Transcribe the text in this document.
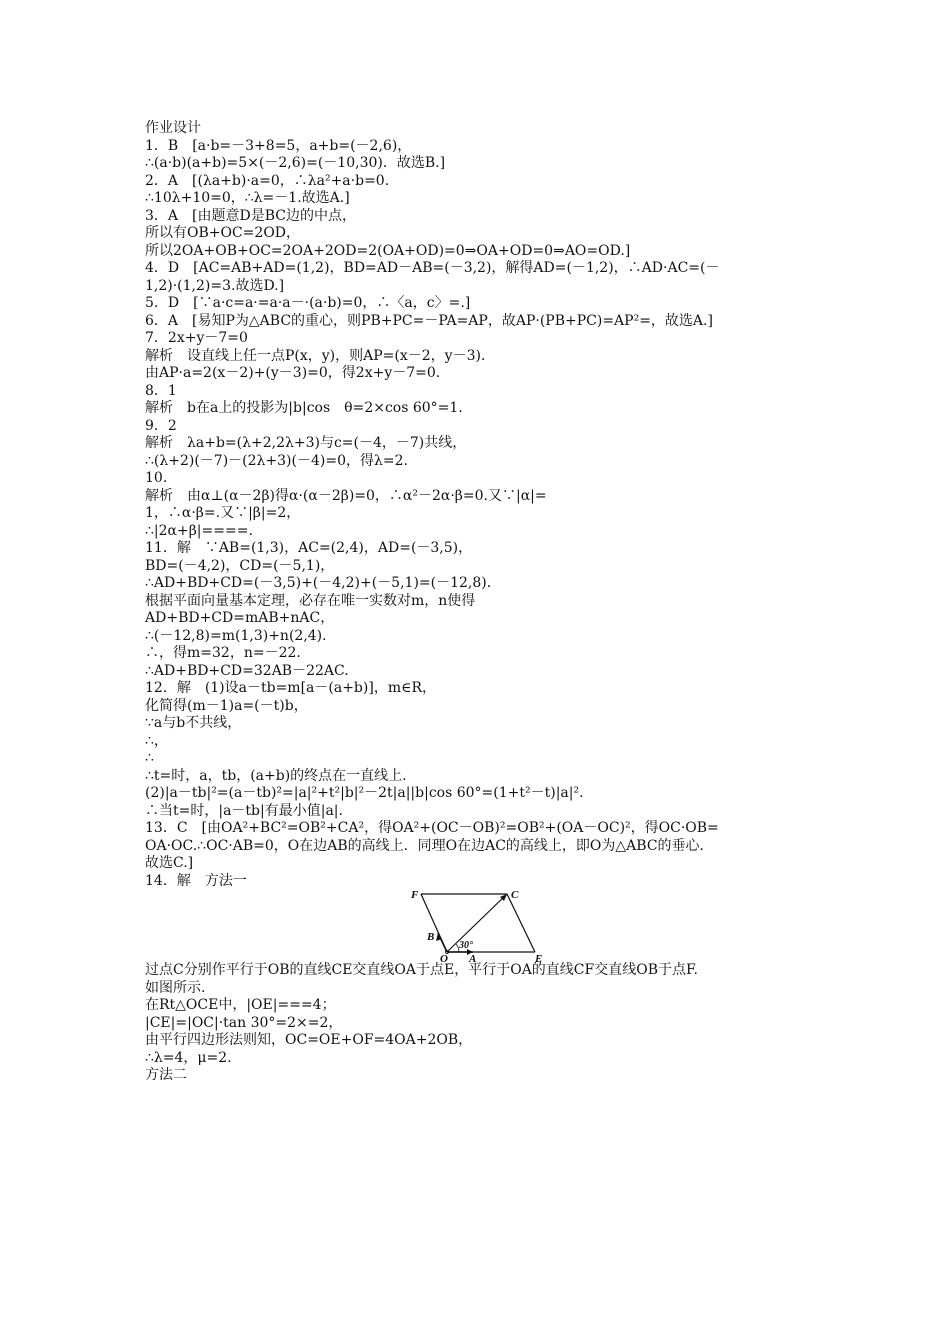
作业设计
1．B　[a·b=－3+8=5，a+b=(－2,6)，
∴(a·b)(a+b)=5×(－2,6)=(－10,30)．故选B.]
2．A　[(λa+b)·a=0，∴λa²+a·b=0.
∴10λ+10=0，∴λ=－1.故选A.]
3．A　[由题意D是BC边的中点，
所以有OB+OC=2OD，
所以2OA+OB+OC=2OA+2OD=2(OA+OD)=0⇒OA+OD=0⇒AO=OD.]
4．D　[AC=AB+AD=(1,2)，BD=AD－AB=(－3,2)，解得AD=(－1,2)，∴AD·AC=(－
1,2)·(1,2)=3.故选D.]
5．D　[∵a·c=a·=a·a－·(a·b)=0，∴〈a，c〉=.]
6．A　[易知P为△ABC的重心，则PB+PC=－PA=AP，故AP·(PB+PC)=AP²=，故选A.]
7．2x+y－7=0
解析　设直线上任一点P(x，y)，则AP=(x－2，y－3)．
由AP·a=2(x－2)+(y－3)=0，得2x+y－7=0.
8．1
解析　b在a上的投影为|b|cos　θ=2×cos 60°=1.
9．2
解析　λa+b=(λ+2,2λ+3)与c=(－4，－7)共线，
∴(λ+2)(－7)－(2λ+3)(－4)=0，得λ=2.
10.
解析　由α⊥(α－2β)得α·(α－2β)=0，∴α²－2α·β=0.又∵|α|=
1，∴α·β=.又∵|β|=2，
∴|2α+β|====.
11．解　∵AB=(1,3)，AC=(2,4)，AD=(－3,5)，
BD=(－4,2)，CD=(－5,1)，
∴AD+BD+CD=(－3,5)+(－4,2)+(－5,1)=(－12,8)．
根据平面向量基本定理，必存在唯一实数对m，n使得
AD+BD+CD=mAB+nAC，
∴(－12,8)=m(1,3)+n(2,4)．
∴，得m=32，n=－22.
∴AD+BD+CD=32AB－22AC.
12．解　(1)设a－tb=m[a－(a+b)]，m∈R，
化简得(m－1)a=(－t)b，
∵a与b不共线，
∴，
∴
∴t=时，a，tb，(a+b)的终点在一直线上.
(2)|a－tb|²=(a－tb)²=|a|²+t²|b|²－2t|a||b|cos 60°=(1+t²－t)|a|².
∴当t=时，|a－tb|有最小值|a|.
13．C　[由OA²+BC²=OB²+CA²，得OA²+(OC－OB)²=OB²+(OA－OC)²，得OC·OB=
OA·OC.∴OC·AB=0，O在边AB的高线上．同理O在边AC的高线上，即O为△ABC的垂心．
故选C.]
14．解　方法一
F	C
B
O A	E
30°
过点C分别作平行于OB的直线CE交直线OA于点E，平行于OA的直线CF交直线OB于点F.
如图所示.
在Rt△OCE中，|OE|===4；
|CE|=|OC|·tan 30°=2×=2，
由平行四边形法则知，OC=OE+OF=4OA+2OB，
∴λ=4，μ=2.
方法二
